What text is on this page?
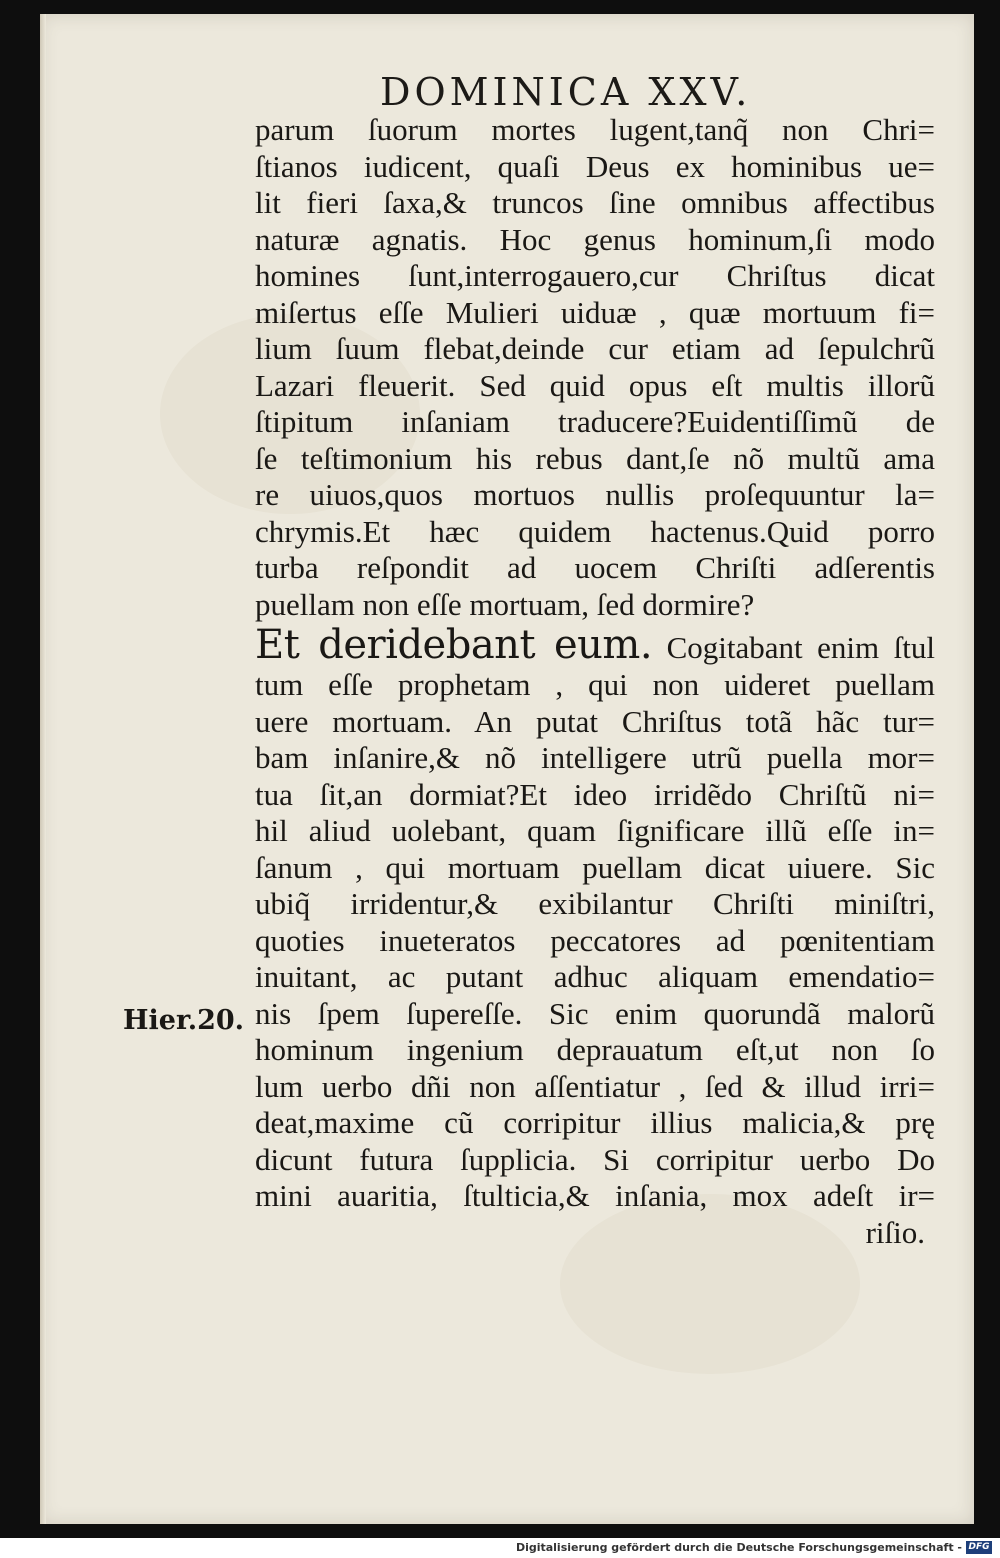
DOMINICA XXV.
parum ſuorum mortes lugent,tanq̃ non Chri=
ſtianos iudicent, quaſi Deus ex hominibus ue=
lit fieri ſaxa,& truncos ſine omnibus affectibus
naturæ agnatis. Hoc genus hominum,ſi modo
homines ſunt,interrogauero,cur Chriſtus dicat
miſertus eſſe Mulieri uiduæ , quæ mortuum fi=
lium ſuum flebat,deinde cur etiam ad ſepulchrũ
Lazari fleuerit. Sed quid opus eſt multis illorũ
ſtipitum inſaniam traducere?Euidentiſſimũ de
ſe teſtimonium his rebus dant,ſe nõ multũ ama
re uiuos,quos mortuos nullis proſequuntur la=
chrymis.Et hæc quidem hactenus.Quid porro
turba reſpondit ad uocem Chriſti adſerentis
puellam non eſſe mortuam, ſed dormire?
Et deridebant eum. Cogitabant enim ſtul
tum eſſe prophetam , qui non uideret puellam
uere mortuam. An putat Chriſtus totã hãc tur=
bam inſanire,& nõ intelligere utrũ puella mor=
tua ſit,an dormiat?Et ideo irridẽdo Chriſtũ ni=
hil aliud uolebant, quam ſignificare illũ eſſe in=
ſanum , qui mortuam puellam dicat uiuere. Sic
ubiq̃ irridentur,& exibilantur Chriſti miniſtri,
quoties inueteratos peccatores ad pœnitentiam
inuitant, ac putant adhuc aliquam emendatio=
nis ſpem ſupereſſe. Sic enim quorundã malorũ
hominum ingenium deprauatum eſt,ut non ſo
lum uerbo dñi non aſſentiatur , ſed & illud irri=
deat,maxime cũ corripitur illius malicia,& prę
dicunt futura ſupplicia. Si corripitur uerbo Do
mini auaritia, ſtulticia,& inſania, mox adeſt ir=
riſio.
Hier.20.
Digitalisierung gefördert durch die Deutsche Forschungsgemeinschaft - DFG
